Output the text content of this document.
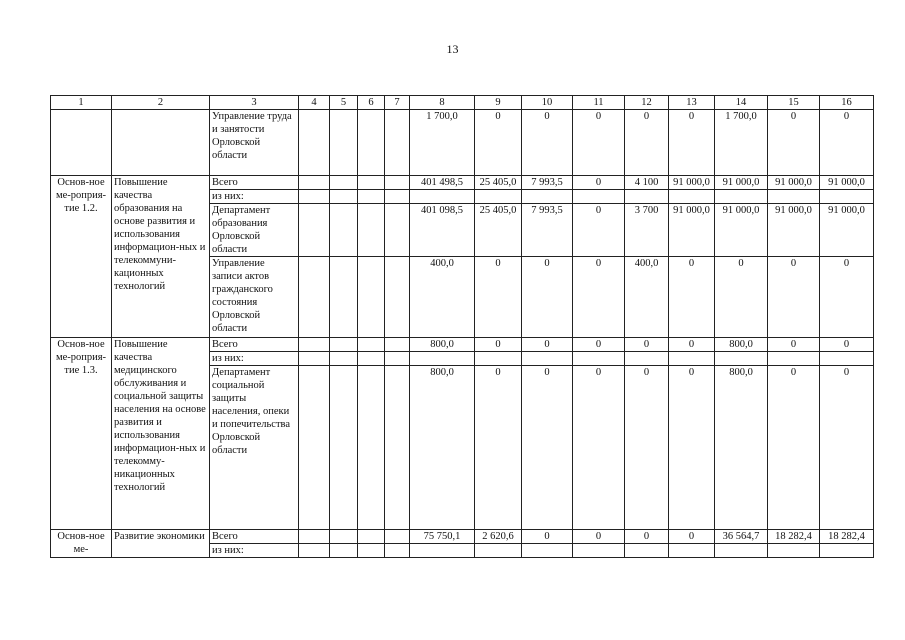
13
1	2	3	4	5	6	7	8	9	10	11	12	13	14	15	16
		Управление труда и занятости Орловской области					1 700,0	0	0	0	0	0	1 700,0	0	0
Основ-ное ме-роприя-тие 1.2.	Повышение качества образования на основе развития и использования информацион-ных и телекоммуни-кационных технологий	Всего					401 498,5	25 405,0	7 993,5	0	4 100	91 000,0	91 000,0	91 000,0	91 000,0
		из них:													
		Департамент образования Орловской области					401 098,5	25 405,0	7 993,5	0	3 700	91 000,0	91 000,0	91 000,0	91 000,0
		Управление записи актов гражданского состояния Орловской области					400,0	0	0	0	400,0	0	0	0	0
Основ-ное ме-роприя-тие 1.3.	Повышение качества медицинского обслуживания и социальной защиты населения на основе развития и использования информацион-ных и телекомму-никационных технологий	Всего					800,0	0	0	0	0	0	800,0	0	0
		из них:													
		Департамент социальной защиты населения, опеки и попечительства Орловской области					800,0	0	0	0	0	0	800,0	0	0
Основ-ное ме-	Развитие экономики	Всего					75 750,1	2 620,6	0	0	0	0	36 564,7	18 282,4	18 282,4
		из них:													
